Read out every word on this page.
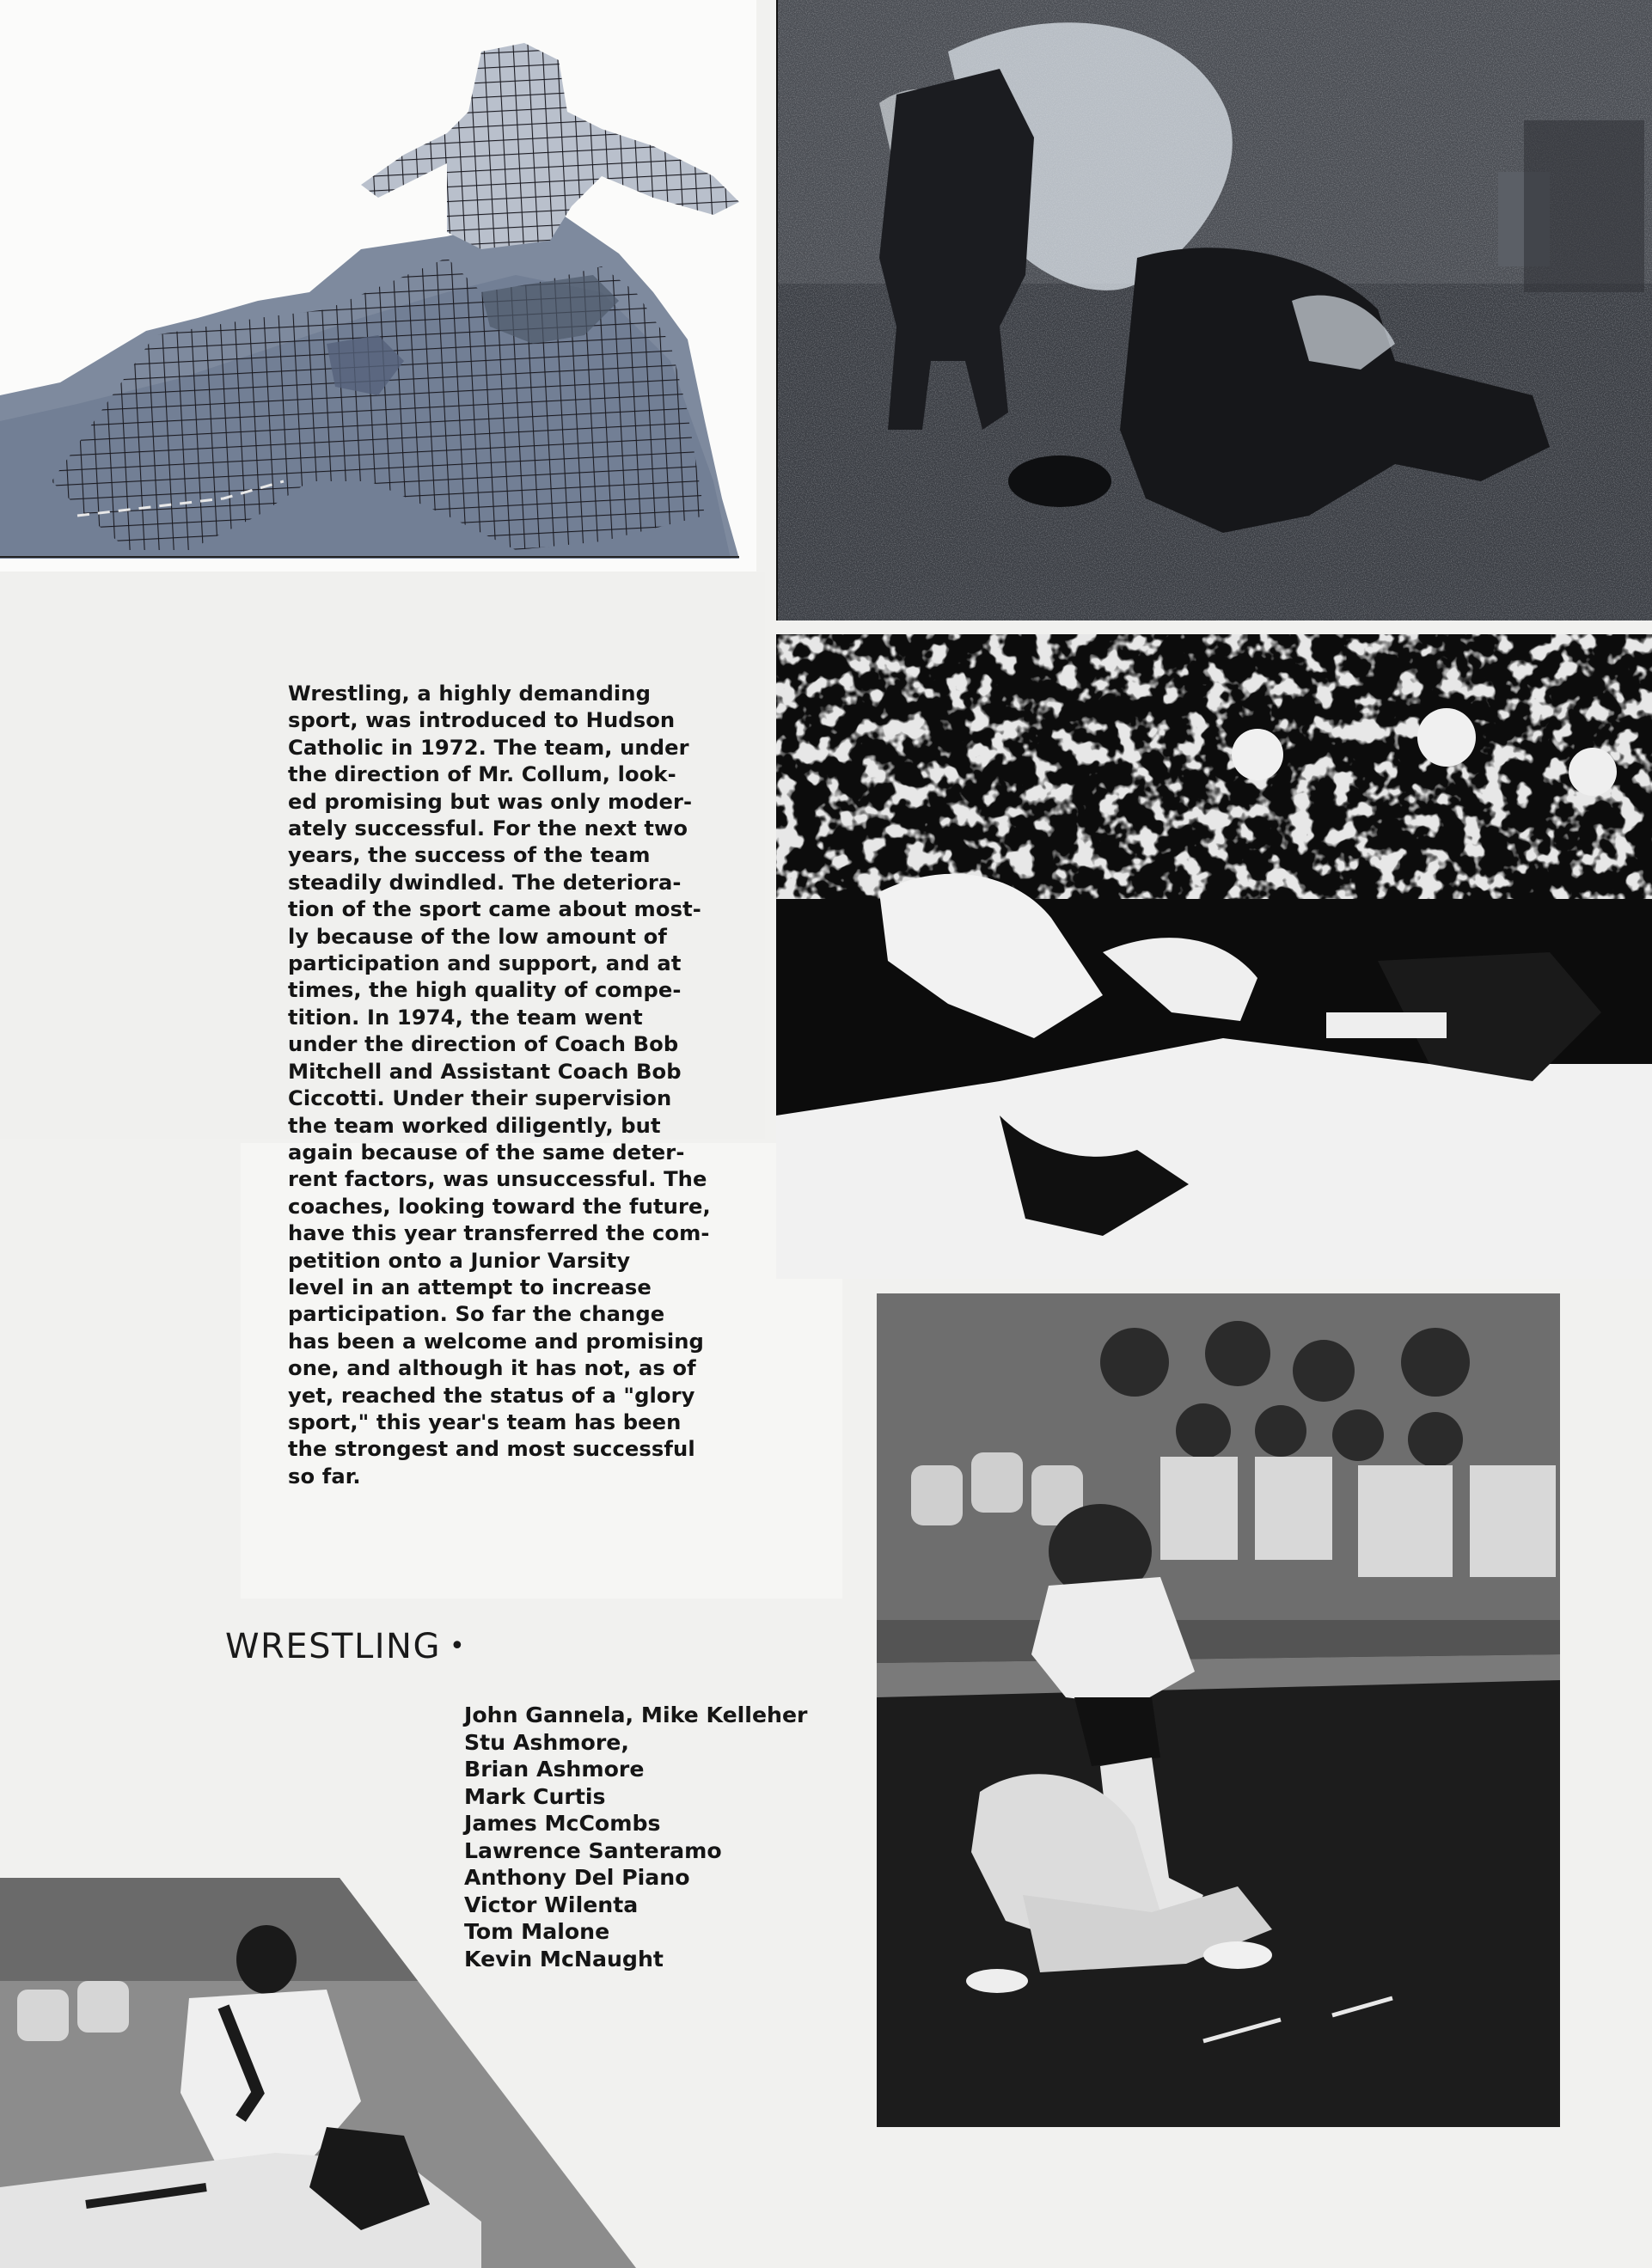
Wrestling, a highly demanding
sport, was introduced to Hudson
Catholic in 1972. The team, under
the direction of Mr. Collum, look-
ed promising but was only moder-
ately successful. For the next two
years, the success of the team
steadily dwindled. The deteriora-
tion of the sport came about most-
ly because of the low amount of
participation and support, and at
times, the high quality of compe-
tition. In 1974, the team went
under the direction of Coach Bob
Mitchell and Assistant Coach Bob
Ciccotti. Under their supervision
the team worked diligently, but
again because of the same deter-
rent factors, was unsuccessful. The
coaches, looking toward the future,
have this year transferred the com-
petition onto a Junior Varsity
level in an attempt to increase
participation. So far the change
has been a welcome and promising
one, and although it has not, as of
yet, reached the status of a "glory
sport," this year's team has been
the strongest and most successful
so far.
WRESTLING •
John Gannela, Mike Kelleher
Stu Ashmore,
Brian Ashmore
Mark Curtis
James McCombs
Lawrence Santeramo
Anthony Del Piano
Victor Wilenta
Tom Malone
Kevin McNaught
